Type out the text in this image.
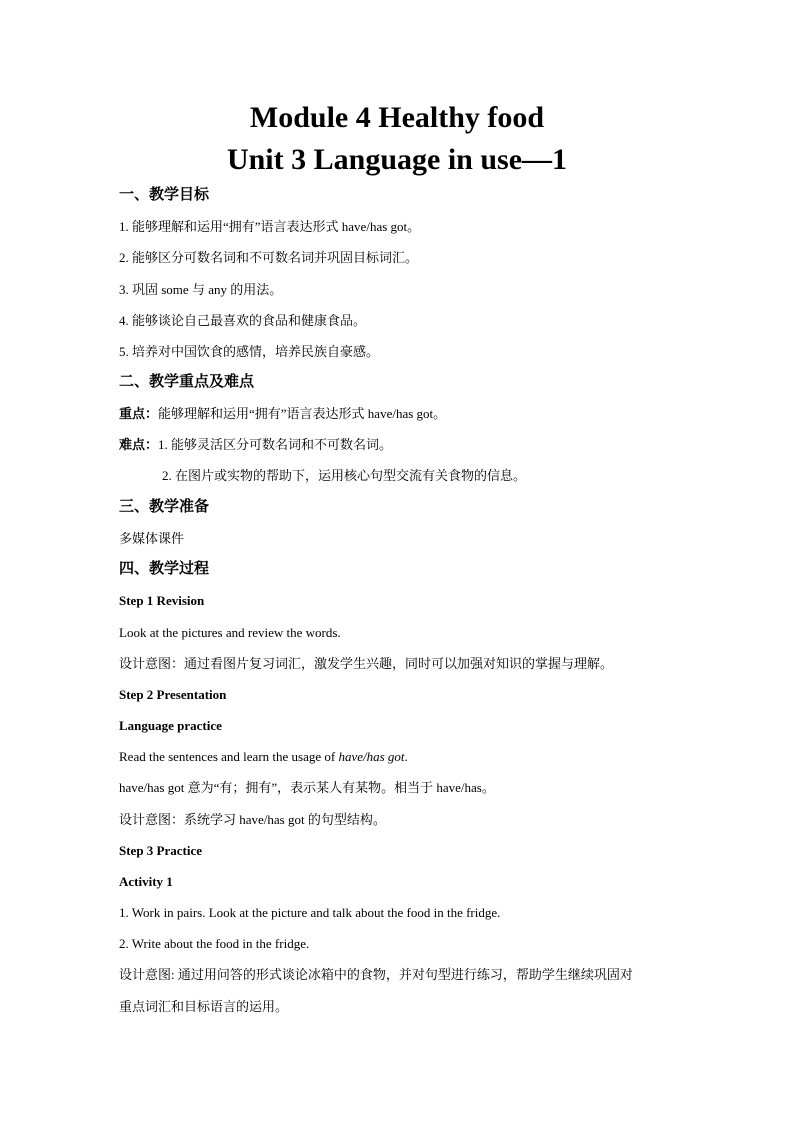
Module 4 Healthy food
Unit 3 Language in use—1
一、教学目标
1. 能够理解和运用“拥有”语言表达形式 have/has got。
2. 能够区分可数名词和不可数名词并巩固目标词汇。
3. 巩固 some 与 any 的用法。
4. 能够谈论自己最喜欢的食品和健康食品。
5. 培养对中国饮食的感情，培养民族自豪感。
二、教学重点及难点
重点：能够理解和运用“拥有”语言表达形式 have/has got。
难点：1. 能够灵活区分可数名词和不可数名词。
2. 在图片或实物的帮助下，运用核心句型交流有关食物的信息。
三、教学准备
多媒体课件
四、教学过程
Step 1 Revision
Look at the pictures and review the words.
设计意图：通过看图片复习词汇，激发学生兴趣，同时可以加强对知识的掌握与理解。
Step 2 Presentation
Language practice
Read the sentences and learn the usage of have/has got.
have/has got 意为“有；拥有”，表示某人有某物。相当于 have/has。
设计意图：系统学习 have/has got 的句型结构。
Step 3 Practice
Activity 1
1. Work in pairs. Look at the picture and talk about the food in the fridge.
2. Write about the food in the fridge.
设计意图: 通过用问答的形式谈论冰箱中的食物，并对句型进行练习，帮助学生继续巩固对
重点词汇和目标语言的运用。
